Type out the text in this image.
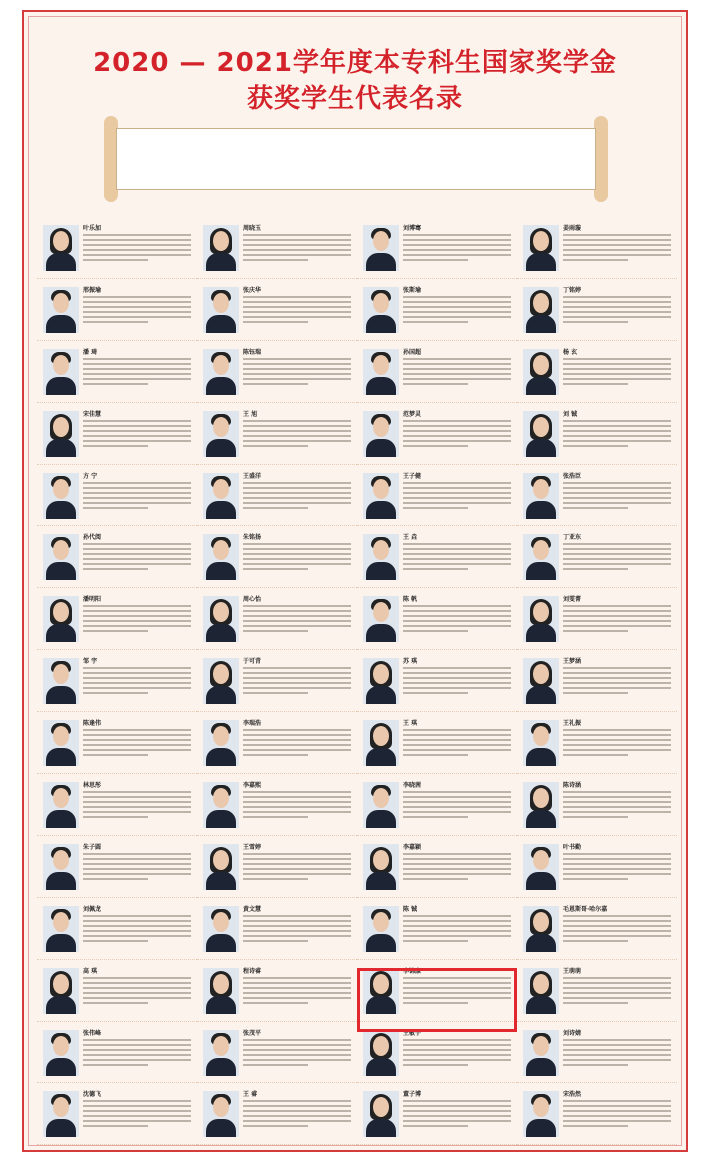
2020 — 2021学年度本专科生国家奖学金
获奖学生代表名录
叶乐加	周晓玉	刘博骞	姜雨璇
邢振瑜	张庆华	张斯瑜	丁铭婷
潘 琦	陈钰瑞	孙国超	杨 玄
宋佳慧	王 旭	范梦灵	刘 铖
方 宁	王盛洋	王子健	张浩臣
孙代阅	朱铭扬	王 垚	丁亚东
潘明阳	周心怡	陈 帆	刘雯菁
邹 宇	于可青	苏 琪	王梦涵
陈逢伟	李瑞浩	王 琪	王礼振
林思彤	李嘉熙	李晓茜	陈诗涵
朱子圆	王雪婷	李嘉颖	叶书勤
刘佩龙	黄文慧	陈 铖	毛恩斯哥·哈尔嘉
高 琪	程诗睿	李锦康	王萌萌
张伟峰	张茂平	王敏宇	刘诗婧
沈德飞	王 睿	董子博	宋浩然
